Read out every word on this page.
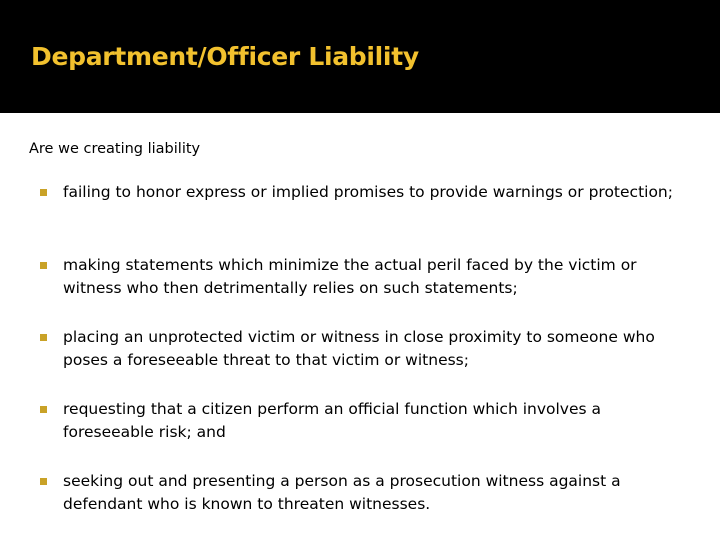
Department/Officer Liability
Are we creating liability
failing to honor express or implied promises to provide warnings or protection;
making statements which minimize the actual peril faced by the victim or witness who then detrimentally relies on such statements;
placing an unprotected victim or witness in close proximity to someone who poses a foreseeable threat to that victim or witness;
requesting that a citizen perform an official function which involves a foreseeable risk; and
seeking out and presenting a person as a prosecution witness against a defendant who is known to threaten witnesses.
